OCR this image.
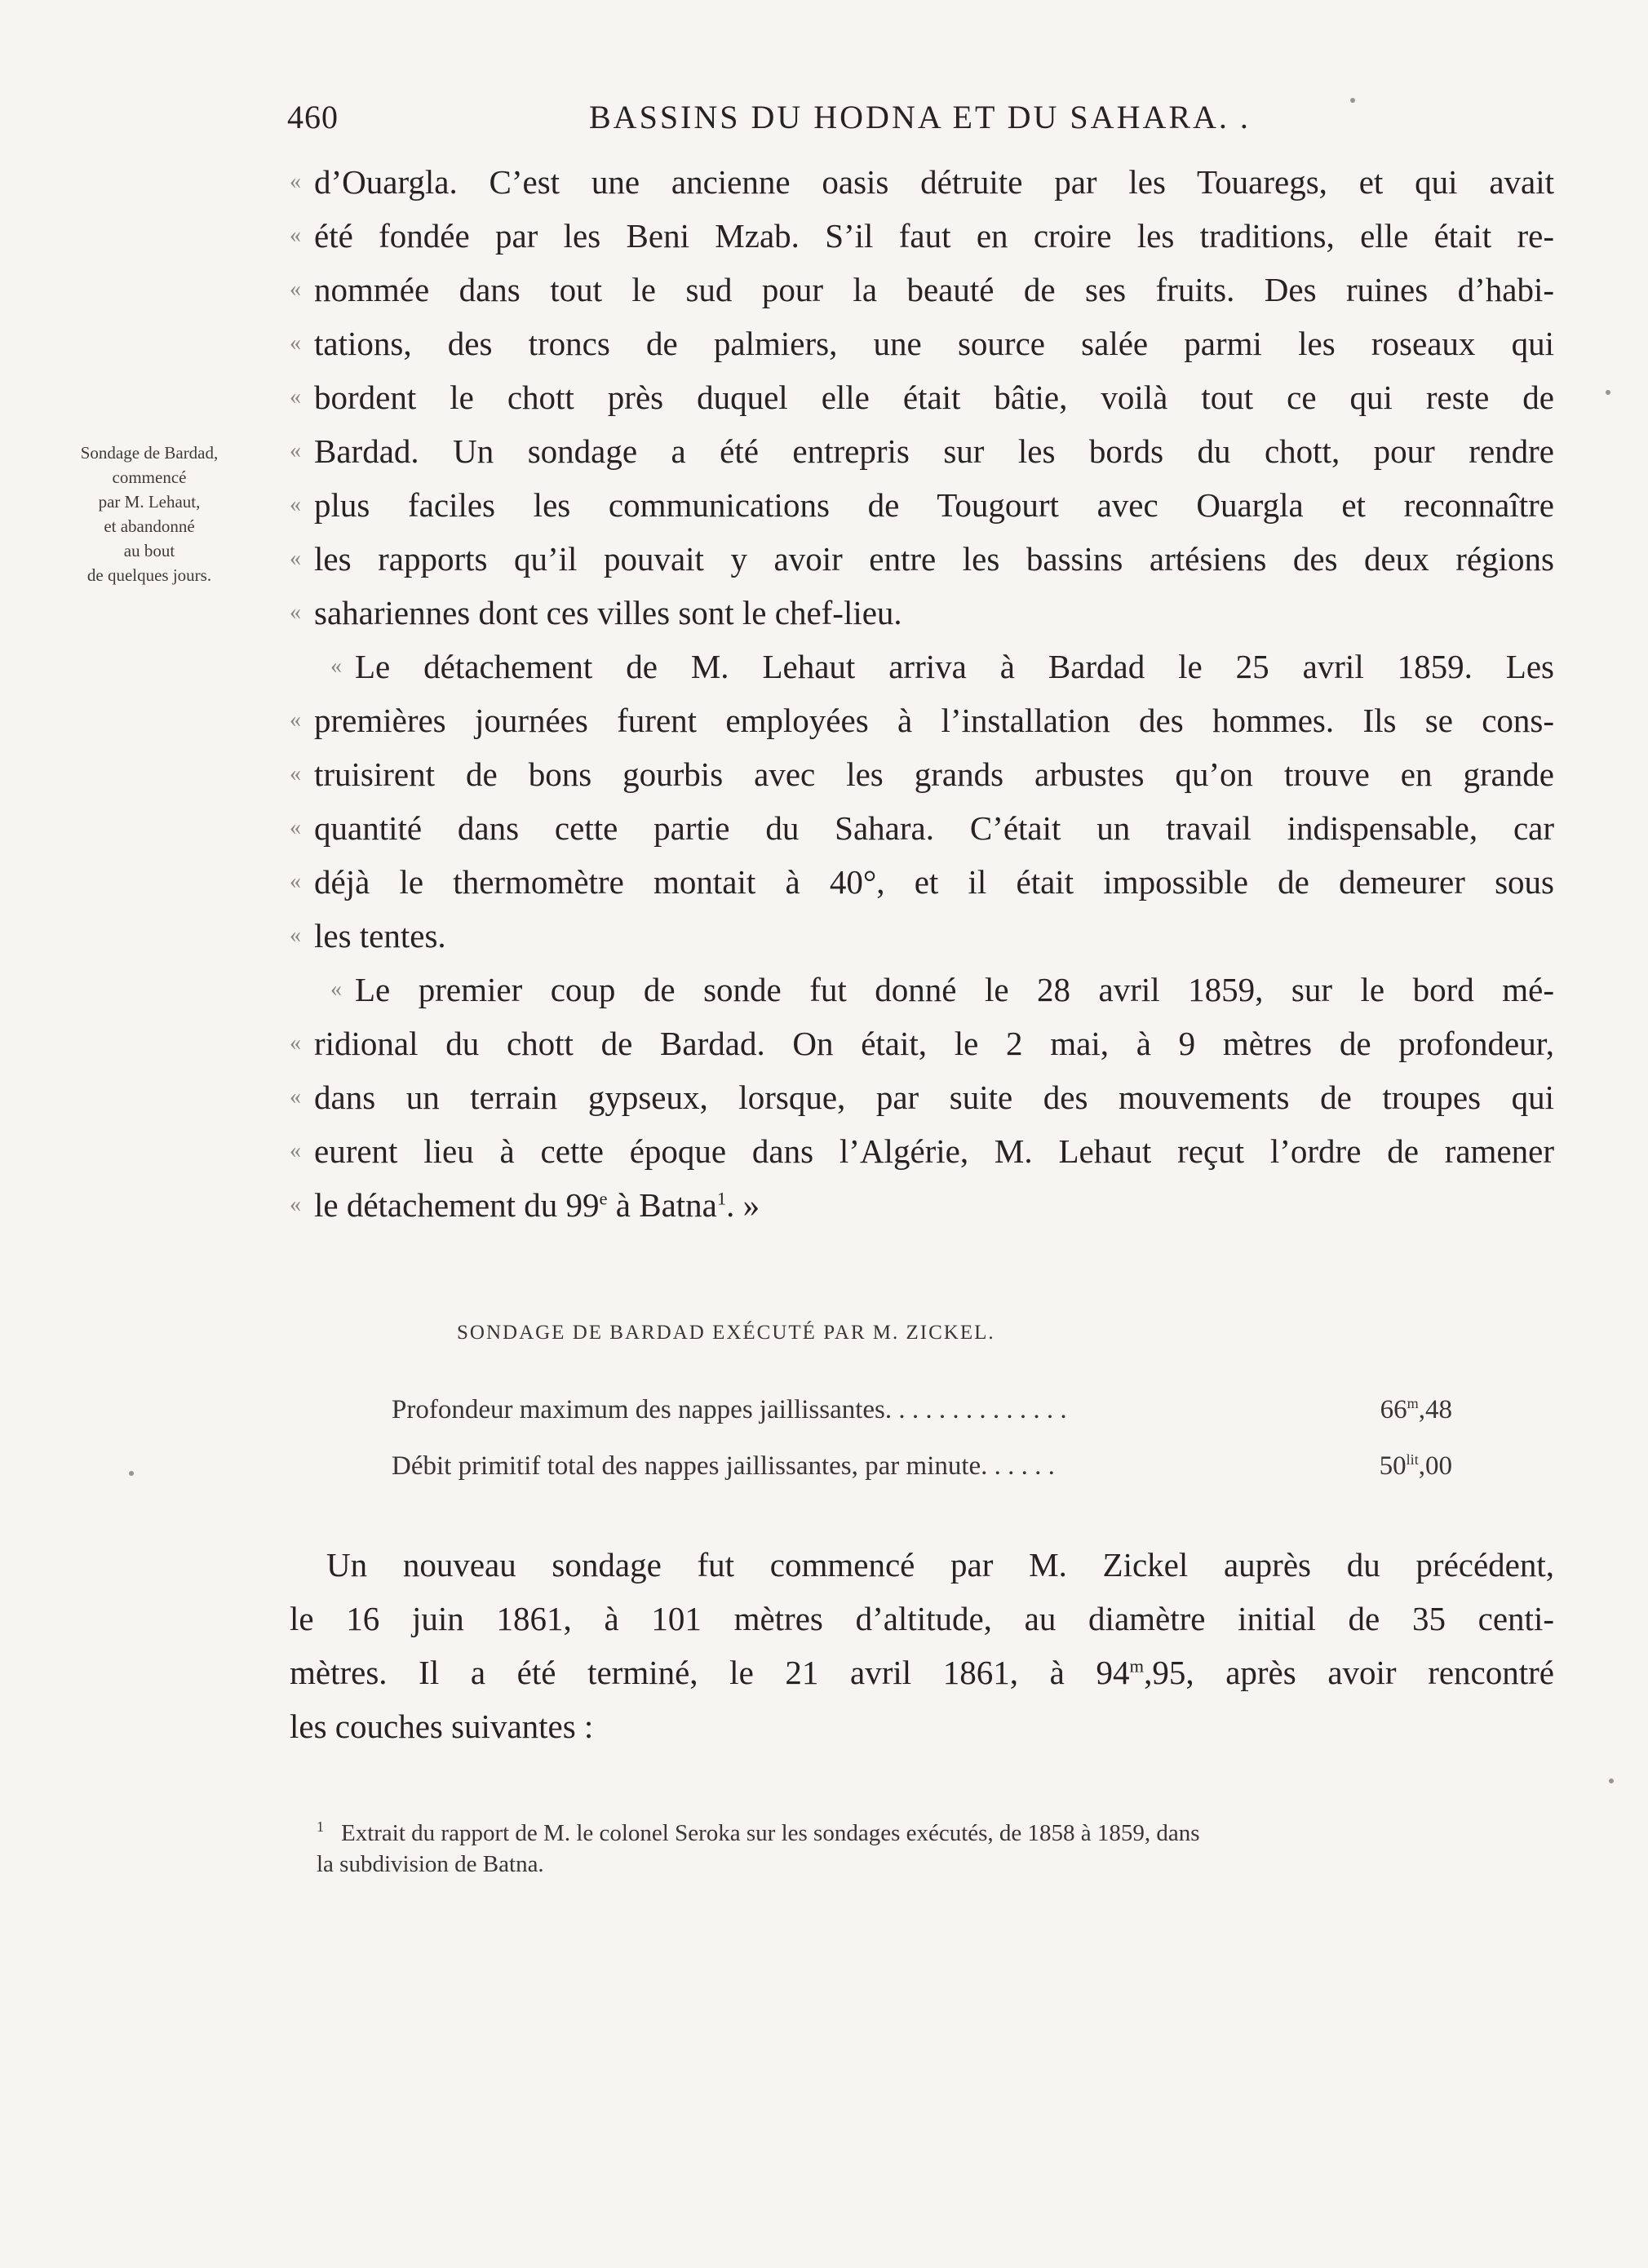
460	BASSINS DU HODNA ET DU SAHARA. .
Sondage de Bardad,
commencé
par M. Lehaut,
et abandonné
au bout
de quelques jours.
« d’Ouargla. C’est une ancienne oasis détruite par les Touaregs, et qui avait
« été fondée par les Beni Mzab. S’il faut en croire les traditions, elle était re-
« nommée dans tout le sud pour la beauté de ses fruits. Des ruines d’habi-
« tations, des troncs de palmiers, une source salée parmi les roseaux qui
« bordent le chott près duquel elle était bâtie, voilà tout ce qui reste de
« Bardad. Un sondage a été entrepris sur les bords du chott, pour rendre
« plus faciles les communications de Tougourt avec Ouargla et reconnaître
« les rapports qu’il pouvait y avoir entre les bassins artésiens des deux régions
« sahariennes dont ces villes sont le chef-lieu.
« Le détachement de M. Lehaut arriva à Bardad le 25 avril 1859. Les
« premières journées furent employées à l’installation des hommes. Ils se cons-
« truisirent de bons gourbis avec les grands arbustes qu’on trouve en grande
« quantité dans cette partie du Sahara. C’était un travail indispensable, car
« déjà le thermomètre montait à 40°, et il était impossible de demeurer sous
« les tentes.
« Le premier coup de sonde fut donné le 28 avril 1859, sur le bord mé-
« ridional du chott de Bardad. On était, le 2 mai, à 9 mètres de profondeur,
« dans un terrain gypseux, lorsque, par suite des mouvements de troupes qui
« eurent lieu à cette époque dans l’Algérie, M. Lehaut reçut l’ordre de ramener
« le détachement du 99e à Batna$^1$. »
SONDAGE DE BARDAD EXÉCUTÉ PAR M. ZICKEL.
Profondeur maximum des nappes jaillissantes. . . . . . . . . . . . . .	66$^m$,48
Débit primitif total des nappes jaillissantes, par minute. . . . . .	$50^{lit},00$
Un nouveau sondage fut commencé par M. Zickel auprès du précédent,
le 16 juin 1861, à 101 mètres d’altitude, au diamètre initial de 35 centi-
mètres. Il a été terminé, le 21 avril 1861, à 94$^m$,95, après avoir rencontré
les couches suivantes :
1 Extrait du rapport de M. le colonel Seroka sur les sondages exécutés, de 1858 à 1859, dans
la subdivision de Batna.
